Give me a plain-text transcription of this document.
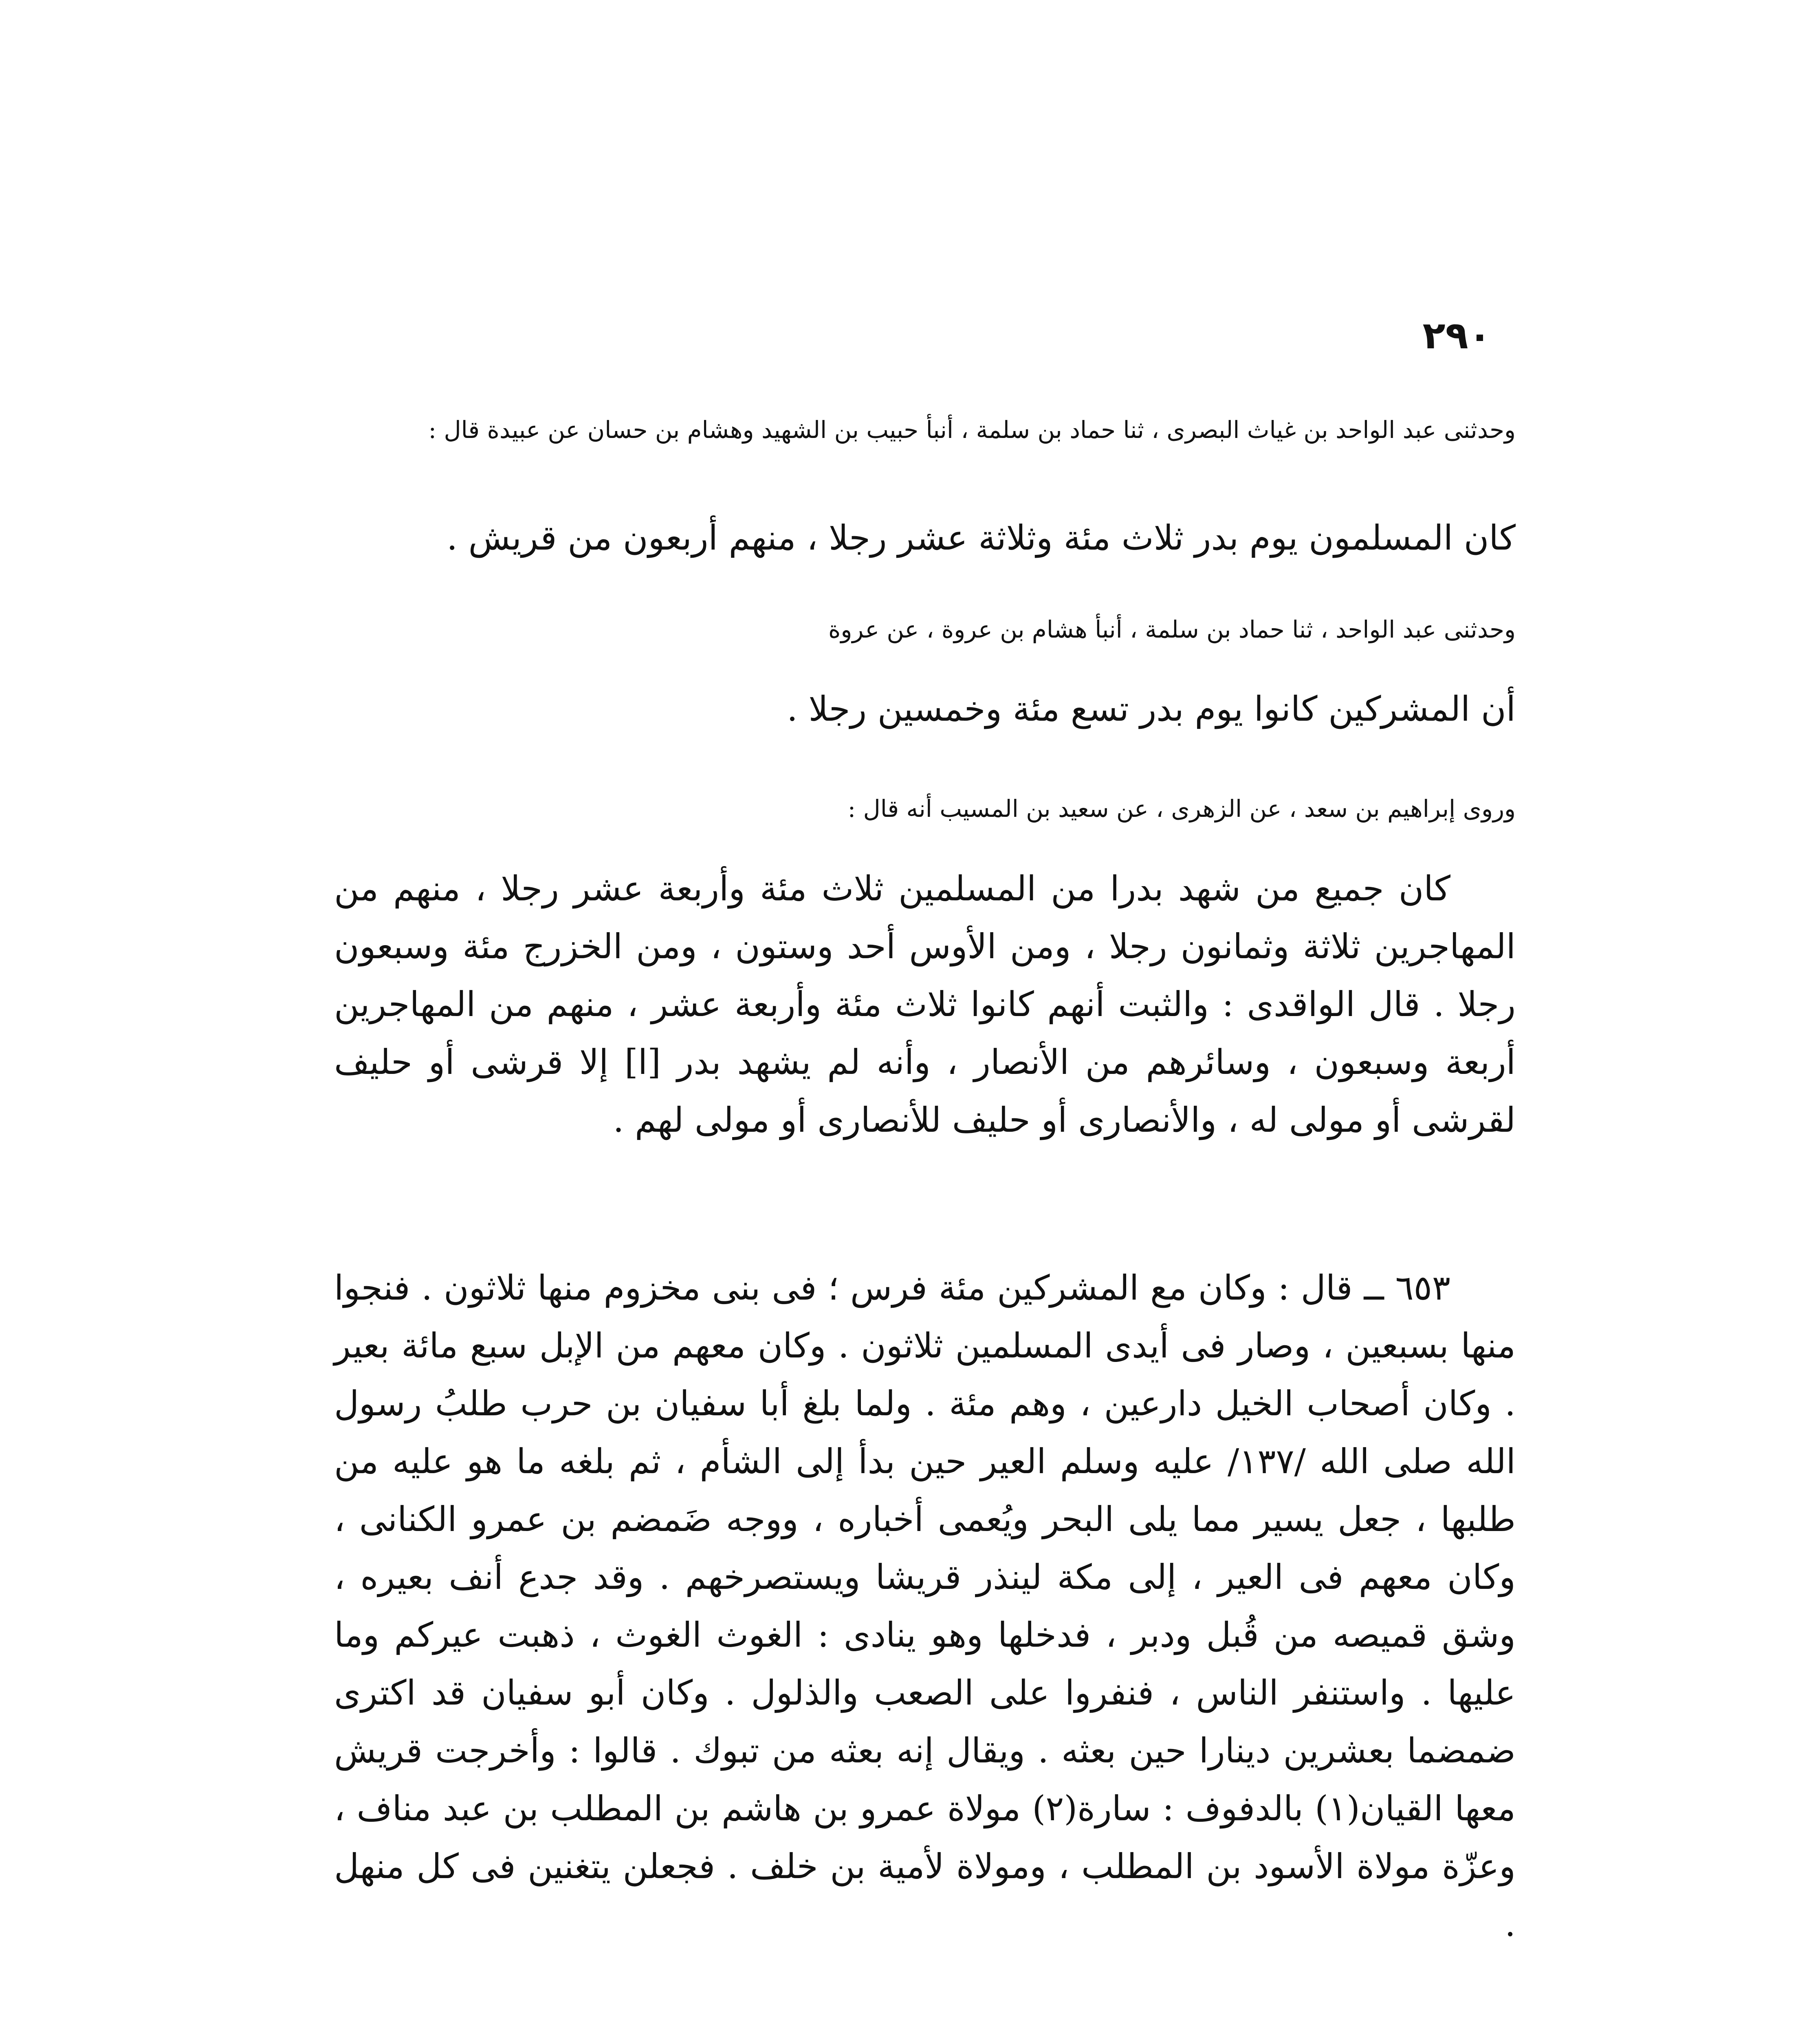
٢٩٠
وحدثنى عبد الواحد بن غياث البصرى ، ثنا حماد بن سلمة ، أنبأ حبيب بن الشهيد وهشام بن حسان عن عبيدة قال :
كان المسلمون يوم بدر ثلاث مئة وثلاثة عشر رجلا ، منهم أربعون من قريش .
وحدثنى عبد الواحد ، ثنا حماد بن سلمة ، أنبأ هشام بن عروة ، عن عروة
أن المشركين كانوا يوم بدر تسع مئة وخمسين رجلا .
وروى إبراهيم بن سعد ، عن الزهرى ، عن سعيد بن المسيب أنه قال :

كان جميع من شهد بدرا من المسلمين ثلاث مئة وأربعة عشر رجلا ، منهم من المهاجرين ثلاثة وثمانون رجلا ، ومن الأوس أحد وستون ، ومن الخزرج مئة وسبعون رجلا . قال الواقدى : والثبت أنهم كانوا ثلاث مئة وأربعة عشر ، منهم من المهاجرين أربعة وسبعون ، وسائرهم من الأنصار ، وأنه لم يشهد بدر [ا] إلا قرشى أو حليف لقرشى أو مولى له ، والأنصارى أو حليف للأنصارى أو مولى لهم .

٦٥٣ ــ قال : وكان مع المشركين مئة فرس ؛ فى بنى مخزوم منها ثلاثون . فنجوا منها بسبعين ، وصار فى أيدى المسلمين ثلاثون . وكان معهم من الإبل سبع مائة بعير . وكان أصحاب الخيل دارعين ، وهم مئة . ولما بلغ أبا سفيان بن حرب طلبُ رسول الله صلى الله /١٣٧/ عليه وسلم العير حين بدأ إلى الشأم ، ثم بلغه ما هو عليه من طلبها ، جعل يسير مما يلى البحر ويُعمى أخباره ، ووجه ضَمضم بن عمرو الكنانى ، وكان معهم فى العير ، إلى مكة لينذر قريشا ويستصرخهم . وقد جدع أنف بعيره ، وشق قميصه من قُبل ودبر ، فدخلها وهو ينادى : الغوث الغوث ، ذهبت عيركم وما عليها . واستنفر الناس ، فنفروا على الصعب والذلول . وكان أبو سفيان قد اكترى ضمضما بعشرين دينارا حين بعثه . ويقال إنه بعثه من تبوك . قالوا : وأخرجت قريش معها القيان(١) بالدفوف : سارة(٢) مولاة عمرو بن هاشم بن المطلب بن عبد مناف ، وعزّة مولاة الأسود بن المطلب ، ومولاة لأمية بن خلف . فجعلن يتغنين فى كل منهل .
